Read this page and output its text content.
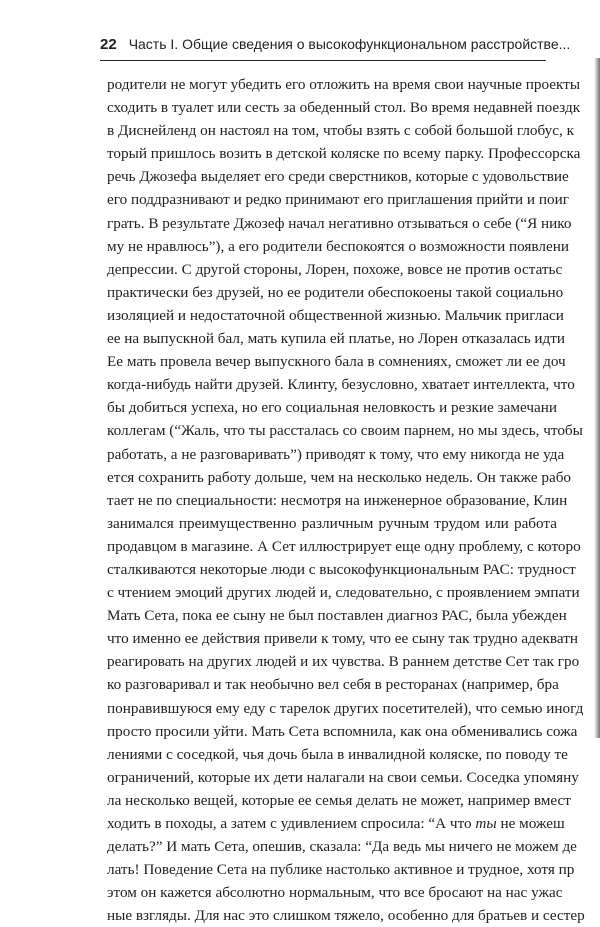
22 Часть I. Общие сведения о высокофункциональном расстройстве...
родители не могут убедить его отложить на время свои научные проекты
сходить в туалет или сесть за обеденный стол. Во время недавней поездк
в Диснейленд он настоял на том, чтобы взять с собой большой глобус, к
торый пришлось возить в детской коляске по всему парку. Профессорска
речь Джозефа выделяет его среди сверстников, которые с удовольствие
его поддразнивают и редко принимают его приглашения прийти и поиг
грать. В результате Джозеф начал негативно отзываться о себе (“Я нико
му не нравлюсь”), а его родители беспокоятся о возможности появлени
депрессии. С другой стороны, Лорен, похоже, вовсе не против остатьс
практически без друзей, но ее родители обеспокоены такой социально
изоляцией и недостаточной общественной жизнью. Мальчик пригласи
ее на выпускной бал, мать купила ей платье, но Лорен отказалась идти
Ее мать провела вечер выпускного бала в сомнениях, сможет ли ее доч
когда-нибудь найти друзей. Клинту, безусловно, хватает интеллекта, что
бы добиться успеха, но его социальная неловкость и резкие замечани
коллегам (“Жаль, что ты рассталась со своим парнем, но мы здесь, чтобы
работать, а не разговаривать”) приводят к тому, что ему никогда не уда
ется сохранить работу дольше, чем на несколько недель. Он также рабо
тает не по специальности: несмотря на инженерное образование, Клин
занимался преимущественно различным ручным трудом или работа
продавцом в магазине. А Сет иллюстрирует еще одну проблему, с которо
сталкиваются некоторые люди с высокофункциональным РАС: трудност
с чтением эмоций других людей и, следовательно, с проявлением эмпати
Мать Сета, пока ее сыну не был поставлен диагноз РАС, была убежден
что именно ее действия привели к тому, что ее сыну так трудно адекватн
реагировать на других людей и их чувства. В раннем детстве Сет так гро
ко разговаривал и так необычно вел себя в ресторанах (например, бра
понравившуюся ему еду с тарелок других посетителей), что семью иногд
просто просили уйти. Мать Сета вспомнила, как она обменивались сожа
лениями с соседкой, чья дочь была в инвалидной коляске, по поводу те
ограничений, которые их дети налагали на свои семьи. Соседка упомяну
ла несколько вещей, которые ее семья делать не может, например вмест
ходить в походы, а затем с удивлением спросила: “А что ты не можеш
делать?” И мать Сета, опешив, сказала: “Да ведь мы ничего не можем де
лать! Поведение Сета на публике настолько активное и трудное, хотя пр
этом он кажется абсолютно нормальным, что все бросают на нас ужас
ные взгляды. Для нас это слишком тяжело, особенно для братьев и сестер
